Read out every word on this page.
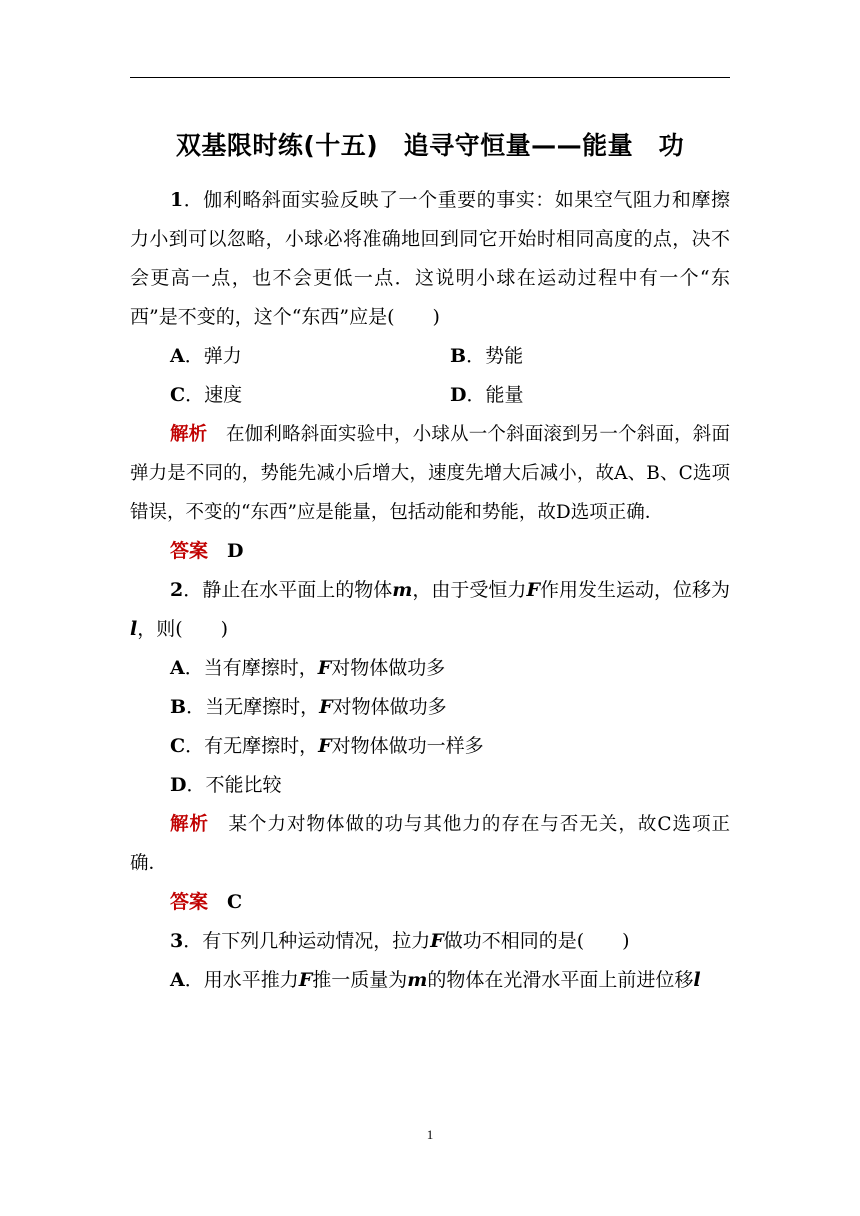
双基限时练(十五)　追寻守恒量——能量　功

1．伽利略斜面实验反映了一个重要的事实：如果空气阻力和摩擦力小到可以忽略，小球必将准确地回到同它开始时相同高度的点，决不会更高一点，也不会更低一点．这说明小球在运动过程中有一个“东西”是不变的，这个“东西”应是(　　)

A．弹力	B．势能
C．速度	D．能量

解析　 在伽利略斜面实验中，小球从一个斜面滚到另一个斜面，斜面弹力是不同的，势能先减小后增大，速度先增大后减小，故A、B、C选项错误，不变的“东西”应是能量，包括动能和势能，故D选项正确．

答案　 D

2．静止在水平面上的物体m，由于受恒力F作用发生运动，位移为l，则(　　)

A．当有摩擦时，F对物体做功多

B．当无摩擦时，F对物体做功多

C．有无摩擦时，F对物体做功一样多

D．不能比较

解析　 某个力对物体做的功与其他力的存在与否无关，故C选项正确．

答案　 C

3．有下列几种运动情况，拉力F做功不相同的是(　　)

A．用水平推力F推一质量为m的物体在光滑水平面上前进位移l

1
